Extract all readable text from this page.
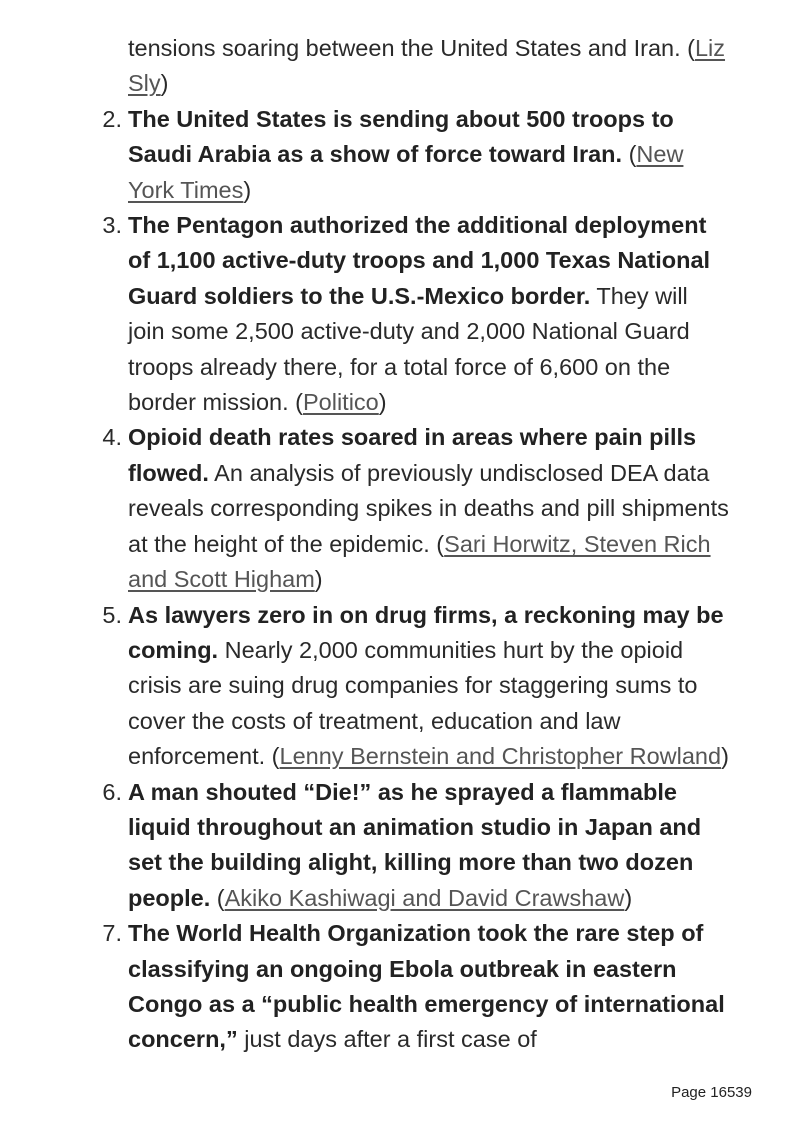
tensions soaring between the United States and Iran. (Liz Sly)
2. The United States is sending about 500 troops to Saudi Arabia as a show of force toward Iran. (New York Times)
3. The Pentagon authorized the additional deployment of 1,100 active-duty troops and 1,000 Texas National Guard soldiers to the U.S.-Mexico border. They will join some 2,500 active-duty and 2,000 National Guard troops already there, for a total force of 6,600 on the border mission. (Politico)
4. Opioid death rates soared in areas where pain pills flowed. An analysis of previously undisclosed DEA data reveals corresponding spikes in deaths and pill shipments at the height of the epidemic. (Sari Horwitz, Steven Rich and Scott Higham)
5. As lawyers zero in on drug firms, a reckoning may be coming. Nearly 2,000 communities hurt by the opioid crisis are suing drug companies for staggering sums to cover the costs of treatment, education and law enforcement. (Lenny Bernstein and Christopher Rowland)
6. A man shouted “Die!” as he sprayed a flammable liquid throughout an animation studio in Japan and set the building alight, killing more than two dozen people. (Akiko Kashiwagi and David Crawshaw)
7. The World Health Organization took the rare step of classifying an ongoing Ebola outbreak in eastern Congo as a “public health emergency of international concern,” just days after a first case of
Page 16539
